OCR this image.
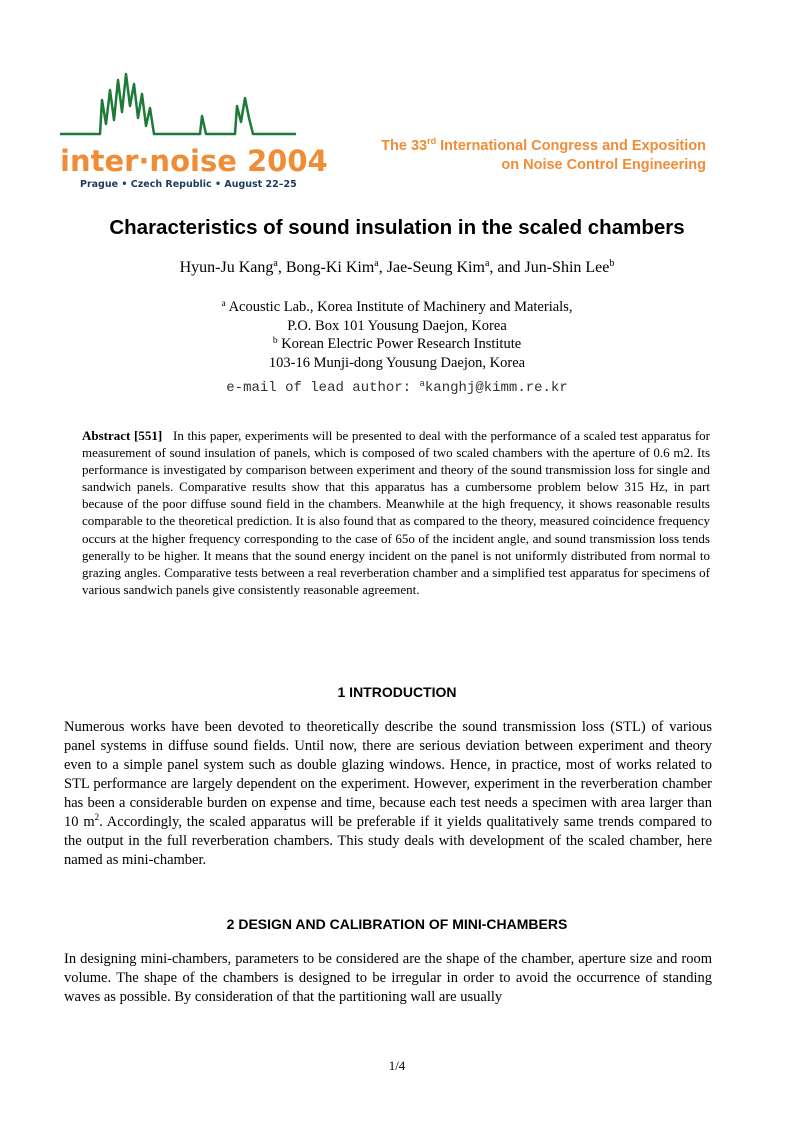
inter·noise 2004
Prague • Czech Republic • August 22–25
The 33rd International Congress and Exposition
on Noise Control Engineering
Characteristics of sound insulation in the scaled chambers
Hyun-Ju Kang$^a$, Bong-Ki Kim$^a$, Jae-Seung Kim$^a$, and Jun-Shin Lee$^b$
$^a$ Acoustic Lab., Korea Institute of Machinery and Materials,
P.O. Box 101 Yousung Daejon, Korea
$^b$ Korean Electric Power Research Institute
103-16 Munji-dong Yousung Daejon, Korea
e-mail of lead author: $^a$kanghj@kimm.re.kr

Abstract [551] In this paper, experiments will be presented to deal with the performance of a scaled test apparatus for measurement of sound insulation of panels, which is composed of two scaled chambers with the aperture of 0.6 m2. Its performance is investigated by comparison between experiment and theory of the sound transmission loss for single and sandwich panels. Comparative results show that this apparatus has a cumbersome problem below 315 Hz, in part because of the poor diffuse sound field in the chambers. Meanwhile at the high frequency, it shows reasonable results comparable to the theoretical prediction. It is also found that as compared to the theory, measured coincidence frequency occurs at the higher frequency corresponding to the case of 65o of the incident angle, and sound transmission loss tends generally to be higher. It means that the sound energy incident on the panel is not uniformly distributed from normal to grazing angles. Comparative tests between a real reverberation chamber and a simplified test apparatus for specimens of various sandwich panels give consistently reasonable agreement.

1 INTRODUCTION

Numerous works have been devoted to theoretically describe the sound transmission loss (STL) of various panel systems in diffuse sound fields. Until now, there are serious deviation between experiment and theory even to a simple panel system such as double glazing windows. Hence, in practice, most of works related to STL performance are largely dependent on the experiment. However, experiment in the reverberation chamber has been a considerable burden on expense and time, because each test needs a specimen with area larger than 10 $m^2$. Accordingly, the scaled apparatus will be preferable if it yields qualitatively same trends compared to the output in the full reverberation chambers. This study deals with development of the scaled chamber, here named as mini-chamber.

2 DESIGN AND CALIBRATION OF MINI-CHAMBERS

In designing mini-chambers, parameters to be considered are the shape of the chamber, aperture size and room volume. The shape of the chambers is designed to be irregular in order to avoid the occurrence of standing waves as possible. By consideration of that the partitioning wall are usually

1/4
